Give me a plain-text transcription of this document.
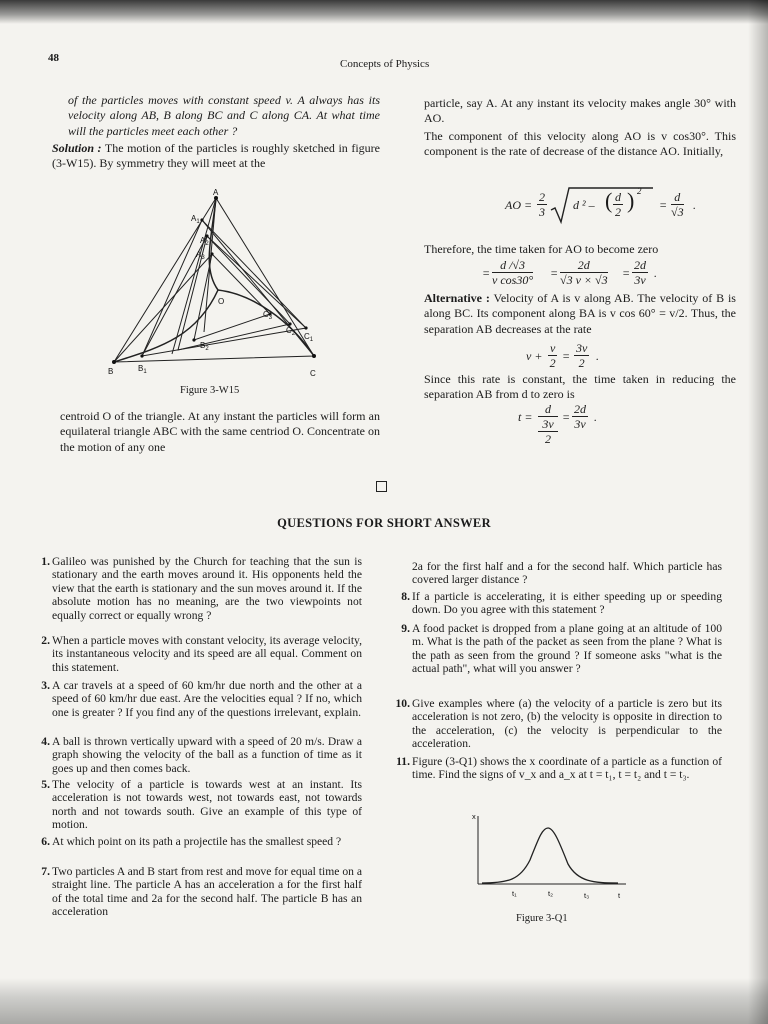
48	Concepts of Physics
of the particles moves with constant speed v. A always has its velocity along AB, B along BC and C along CA. At what time will the particles meet each other ?
Solution : The motion of the particles is roughly sketched in figure (3-W15). By symmetry they will meet at the
A
$A_1$
$A_2$
$A_3$
O
B	$B_1$
$B_2$
C
$C_1$
$C_2$
$C_3$
Figure 3-W15
centroid O of the triangle. At any instant the particles will form an equilateral triangle ABC with the same centriod O. Concentrate on the motion of any one
particle, say A. At any instant its velocity makes angle 30° with AO.
The component of this velocity along AO is v cos30°. This component is the rate of decrease of the distance AO. Initially,
AO = $\frac{2}{3}$ d ² – ( $\frac{d}{2}$ ) 2
= $\frac{d}{√3}$ .
Therefore, the time taken for AO to become zero
= $\frac{d /√3}{\text{v cos30°}} = \frac{2d}{√3 v \times √3} = \frac{2d}{3v}$ .
Alternative : Velocity of A is v along AB. The velocity of B is along BC. Its component along BA is v cos 60° = v/2. Thus, the separation AB decreases at the rate
$v + \frac{v}{2} = \frac{3v}{2}$ .
Since this rate is constant, the time taken in reducing the separation AB from d to zero is
t =
d
3v
2
= $\frac{2d}{3v}$ .
QUESTIONS FOR SHORT ANSWER
1. Galileo was punished by the Church for teaching that the sun is stationary and the earth moves around it. His opponents held the view that the earth is stationary and the sun moves around it. If the absolute motion has no meaning, are the two viewpoints not equally correct or equally wrong ?
2. When a particle moves with constant velocity, its average velocity, its instantaneous velocity and its speed are all equal. Comment on this statement.
3. A car travels at a speed of 60 km/hr due north and the other at a speed of 60 km/hr due east. Are the velocities equal ? If no, which one is greater ? If you find any of the questions irrelevant, explain.
4. A ball is thrown vertically upward with a speed of 20 m/s. Draw a graph showing the velocity of the ball as a function of time as it goes up and then comes back.
5. The velocity of a particle is towards west at an instant. Its acceleration is not towards west, not towards east, not towards north and not towards south. Give an example of this type of motion.
6. At which point on its path a projectile has the smallest speed ?
7. Two particles A and B start from rest and move for equal time on a straight line. The particle A has an acceleration a for the first half of the total time and 2a for the second half. The particle B has an acceleration
2a for the first half and a for the second half. Which particle has covered larger distance ?
8. If a particle is accelerating, it is either speeding up or speeding down. Do you agree with this statement ?
9. A food packet is dropped from a plane going at an altitude of 100 m. What is the path of the packet as seen from the plane ? What is the path as seen from the ground ? If someone asks "what is the actual path", what will you answer ?
10. Give examples where (a) the velocity of a particle is zero but its acceleration is not zero, (b) the velocity is opposite in direction to the acceleration, (c) the velocity is perpendicular to the acceleration.
11. Figure (3-Q1) shows the x coordinate of a particle as a function of time. Find the signs of v_x and a_x at t = t₁, t = t₂ and t = t₃.
x
t
t₁	t₂	t₃
Figure 3-Q1
